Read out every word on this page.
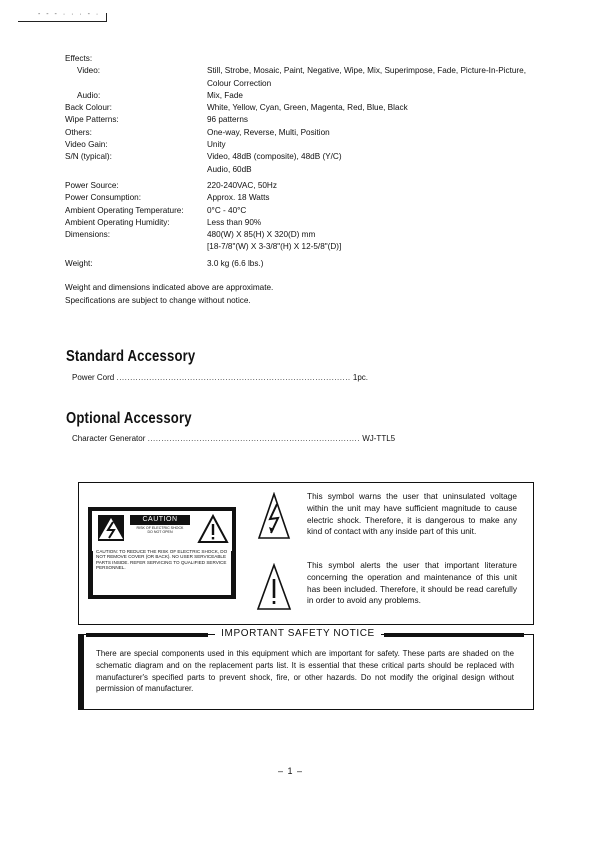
- - - · · · - ·
Effects:
Video:	Still, Strobe, Mosaic, Paint, Negative, Wipe, Mix, Superimpose, Fade, Picture-In-Picture,
Colour Correction
Audio:	Mix, Fade
Back Colour:	White, Yellow, Cyan, Green, Magenta, Red, Blue, Black
Wipe Patterns:	96 patterns
Others:	One-way, Reverse, Multi, Position
Video Gain:	Unity
S/N (typical):	Video, 48dB (composite), 48dB (Y/C)
Audio, 60dB
Power Source:	220-240VAC, 50Hz
Power Consumption:	Approx. 18 Watts
Ambient Operating Temperature:	0°C - 40°C
Ambient Operating Humidity:	Less than 90%
Dimensions:	480(W) X 85(H) X 320(D) mm
[18-7/8"(W) X 3-3/8"(H) X 12-5/8"(D)]
Weight:	3.0 kg (6.6 lbs.)
Weight and dimensions indicated above are approximate.
Specifications are subject to change without notice.
Standard Accessory
Power Cord ...................................................................................... 1pc.
Optional Accessory
Character Generator .............................................................................. WJ-TTL5
CAUTION
RISK OF ELECTRIC SHOCK
DO NOT OPEN
CAUTION: TO REDUCE THE RISK OF ELECTRIC SHOCK, DO NOT REMOVE COVER (OR BACK). NO USER SERVICEABLE PARTS INSIDE. REFER SERVICING TO QUALIFIED SERVICE PERSONNEL.
This symbol warns the user that uninsulated voltage within the unit may have sufficient magnitude to cause electric shock. Therefore, it is dangerous to make any kind of contact with any inside part of this unit.
This symbol alerts the user that important literature concerning the operation and maintenance of this unit has been included. Therefore, it should be read carefully in order to avoid any problems.
IMPORTANT SAFETY NOTICE
There are special components used in this equipment which are important for safety. These parts are shaded on the schematic diagram and on the replacement parts list. It is essential that these critical parts should be replaced with manufacturer's specified parts to prevent shock, fire, or other hazards. Do not modify the original design without permission of manufacturer.
– 1 –
